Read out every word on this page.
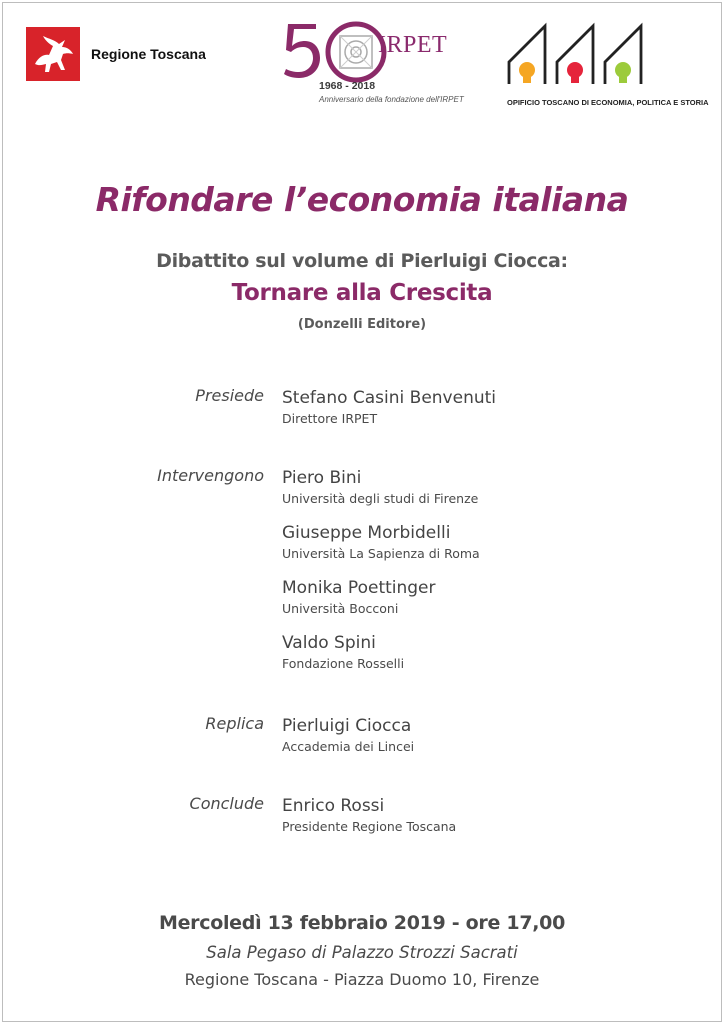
Regione Toscana	IRPET
1968 - 2018
Anniversario della fondazione dell'IRPET	OPIFICIO TOSCANO DI ECONOMIA, POLITICA E STORIA
Rifondare l’economia italiana
Dibattito sul volume di Pierluigi Ciocca:
Tornare alla Crescita
(Donzelli Editore)
Presiede Stefano Casini Benvenuti
Direttore IRPET
Intervengono Piero Bini
Università degli studi di Firenze
Giuseppe Morbidelli
Università La Sapienza di Roma
Monika Poettinger
Università Bocconi
Valdo Spini
Fondazione Rosselli
Replica Pierluigi Ciocca
Accademia dei Lincei
Conclude Enrico Rossi
Presidente Regione Toscana
Mercoledì 13 febbraio 2019 - ore 17,00
Sala Pegaso di Palazzo Strozzi Sacrati
Regione Toscana - Piazza Duomo 10, Firenze
